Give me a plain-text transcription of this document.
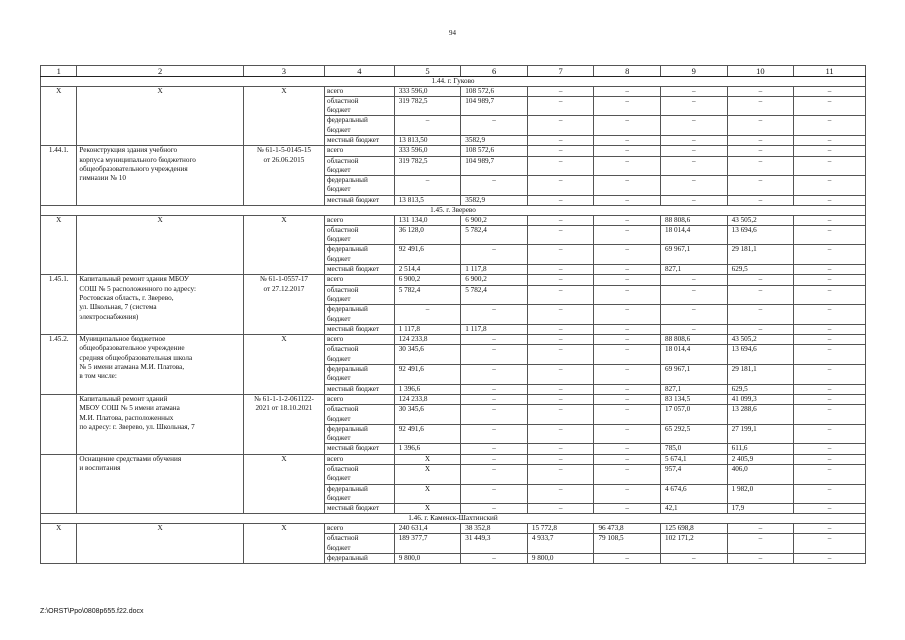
94
1	2	3	4	5	6	7	8	9	10	11
1.44. г. Гуково										
Х	Х	Х	всего	333 596,0	108 572,6	–	–	–	–	–

			областной
бюджет	319 782,5	104 989,7	–	–	–	–	–

			федеральный
бюджет	–	–	–	–	–	–	–

			местный бюджет	13 813,50	3582,9	–	–	–	–	–
1.44.1.	Реконструкция здания учебного
корпуса муниципального бюджетного
общеобразовательного учреждения
гимназии № 10	№ 61-1-5-0145-15
от 26.06.2015	всего	333 596,0	108 572,6	–	–	–	–	–

			областной
бюджет	319 782,5	104 989,7	–	–	–	–	–

			федеральный
бюджет	–	–	–	–	–	–	–

			местный бюджет	13 813,5	3582,9	–	–	–	–	–
1.45. г. Зверево										
Х	Х	Х	всего	131 134,0	6 900,2	–	–	88 808,6	43 505,2	–

			областной
бюджет	36 128,0	5 782,4	–	–	18 014,4	13 694,6	–

			федеральный
бюджет	92 491,6	–	–	–	69 967,1	29 181,1	–

			местный бюджет	2 514,4	1 117,8	–	–	827,1	629,5	–
1.45.1.	Капитальный ремонт здания МБОУ
СОШ № 5 расположенного по адресу:
Ростовская область, г. Зверево,
ул. Школьная, 7 (система
электроснабжения)	№ 61-1-0557-17
от 27.12.2017	всего	6 900,2	6 900,2	–	–	–	–	–

			областной
бюджет	5 782,4	5 782,4	–	–	–	–	–

			федеральный
бюджет	–	–	–	–	–	–	–

			местный бюджет	1 117,8	1 117,8	–	–	–	–	–
1.45.2.	Муниципальное бюджетное
общеобразовательное учреждение
средняя общеобразовательная школа
№ 5 имени атамана М.И. Платова,
в том числе:	Х	всего	124 233,8	–	–	–	88 808,6	43 505,2	–

			областной
бюджет	30 345,6	–	–	–	18 014,4	13 694,6	–

			федеральный
бюджет	92 491,6	–	–	–	69 967,1	29 181,1	–

			местный бюджет	1 396,6	–	–	–	827,1	629,5	–

	Капитальный ремонт зданий
МБОУ СОШ № 5 имени атамана
М.И. Платова, расположенных
по адресу: г. Зверево, ул. Школьная, 7	№ 61-1-1-2-061122-
2021 от 18.10.2021	всего	124 233,8	–	–	–	83 134,5	41 099,3	–

			областной
бюджет	30 345,6	–	–	–	17 057,0	13 288,6	–

			федеральный
бюджет	92 491,6	–	–	–	65 292,5	27 199,1	–

			местный бюджет	1 396,6	–	–	–	785,0	611,6	–

	Оснащение средствами обучения
и воспитания	Х	всего	Х	–	–	–	5 674,1	2 405,9	–

			областной
бюджет	Х	–	–	–	957,4	406,0	–

			федеральный
бюджет	Х	–	–	–	4 674,6	1 982,0	–

			местный бюджет	Х	–	–	–	42,1	17,9	–
1.46. г. Каменск-Шахтинский										
Х	Х	Х	всего	240 631,4	38 352,8	15 772,8	96 473,8	125 698,8	–	–

			областной
бюджет	189 377,7	31 449,3	4 933,7	79 108,5	102 171,2	–	–

			федеральный	9 800,0	–	9 800,0	–	–	–	–
Z:\ORST\Ppo\0808p655.f22.docx
